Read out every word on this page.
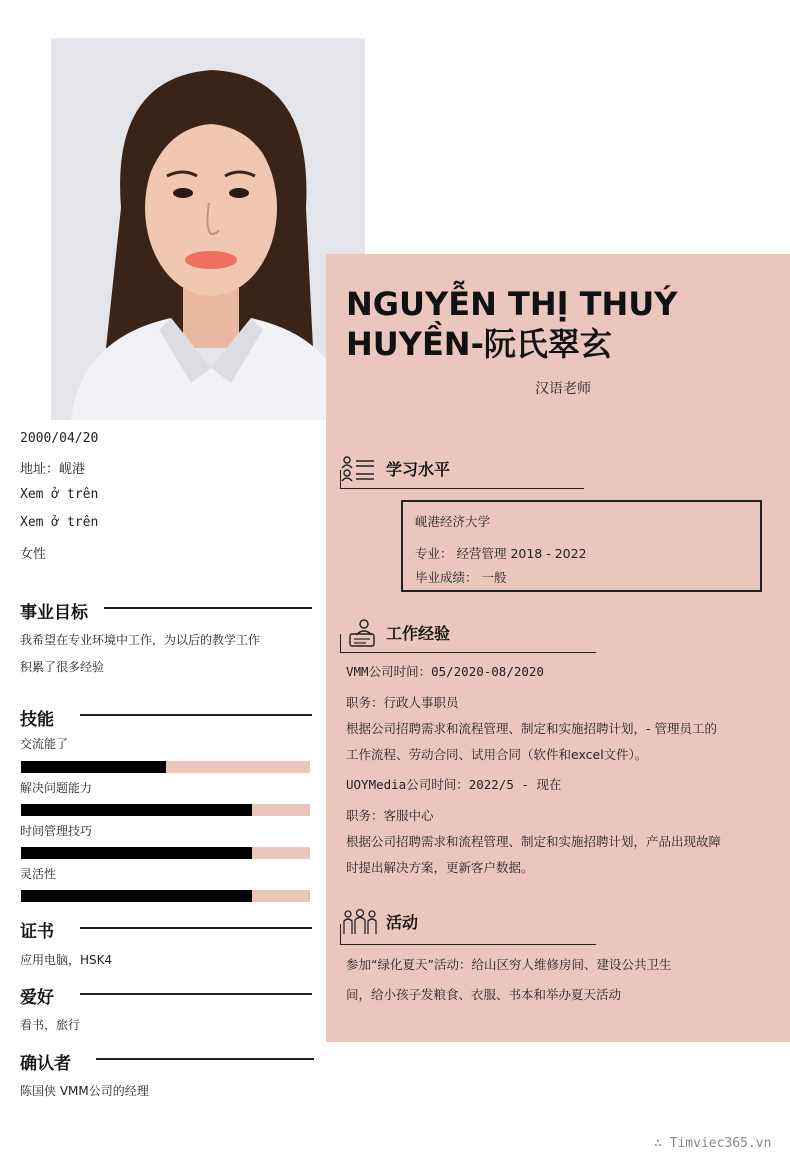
NGUYỄN THỊ THUÝ
HUYỀN-阮氏翠玄
汉语老师
2000/04/20
地址：岘港
Xem ở trên
Xem ở trên
女性
事业目标
我希望在专业环境中工作，为以后的教学工作
积累了很多经验
技能
交流能了
解决问题能力
时间管理技巧
灵活性
证书
应用电脑，HSK4
爱好
看书，旅行
确认者
陈国侠 VMM公司的经理
学习水平
岘港经济大学
专业： 经营管理 2018 - 2022
毕业成绩： 一般
工作经验
VMM公司时间：05/2020-08/2020
职务：行政人事职员
根据公司招聘需求和流程管理、制定和实施招聘计划，- 管理员工的
工作流程、劳动合同、试用合同（软件和excel文件）。
UOYMedia公司时间：2022/5 - 现在
职务：客服中心
根据公司招聘需求和流程管理、制定和实施招聘计划，产品出现故障
时提出解决方案，更新客户数据。
活动
参加“绿化夏天”活动：给山区穷人维修房间、建设公共卫生
间，给小孩子发粮食、衣服、书本和举办夏天活动
∴ Timviec365.vn
